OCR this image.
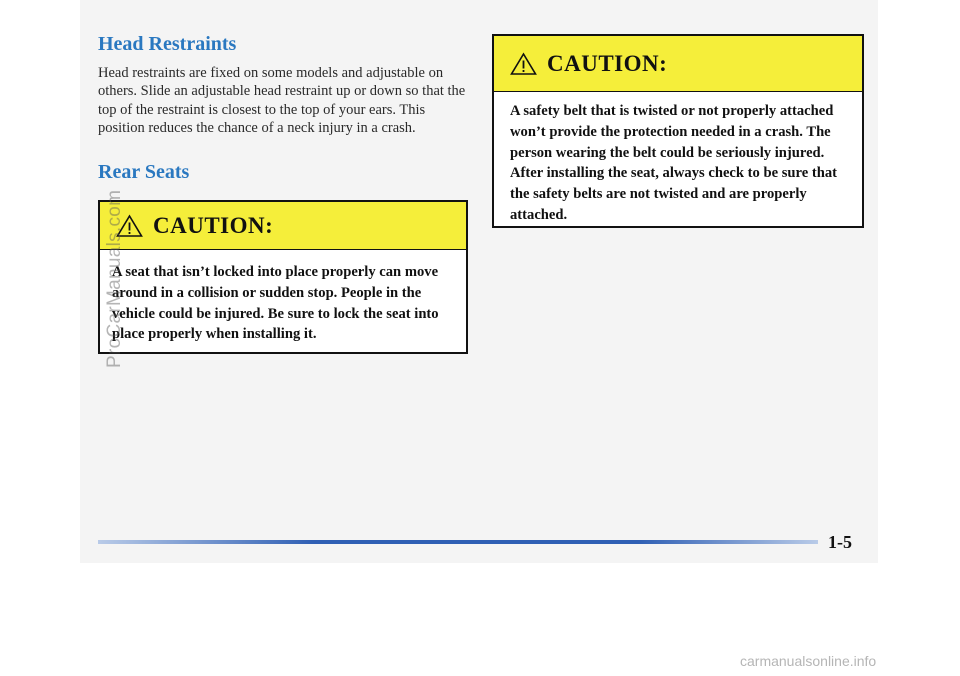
Head Restraints

Head restraints are fixed on some models and adjustable on others. Slide an adjustable head restraint up or down so that the top of the restraint is closest to the top of your ears. This position reduces the chance of a neck injury in a crash.

Rear Seats
CAUTION:

A seat that isn’t locked into place properly can move around in a collision or sudden stop. People in the vehicle could be injured. Be sure to lock the seat into place properly when installing it.

CAUTION:

A safety belt that is twisted or not properly attached won’t provide the protection needed in a crash. The person wearing the belt could be seriously injured. After installing the seat, always check to be sure that the safety belts are not twisted and are properly attached.

ProCarManuals.com
1-5
carmanualsonline.info
